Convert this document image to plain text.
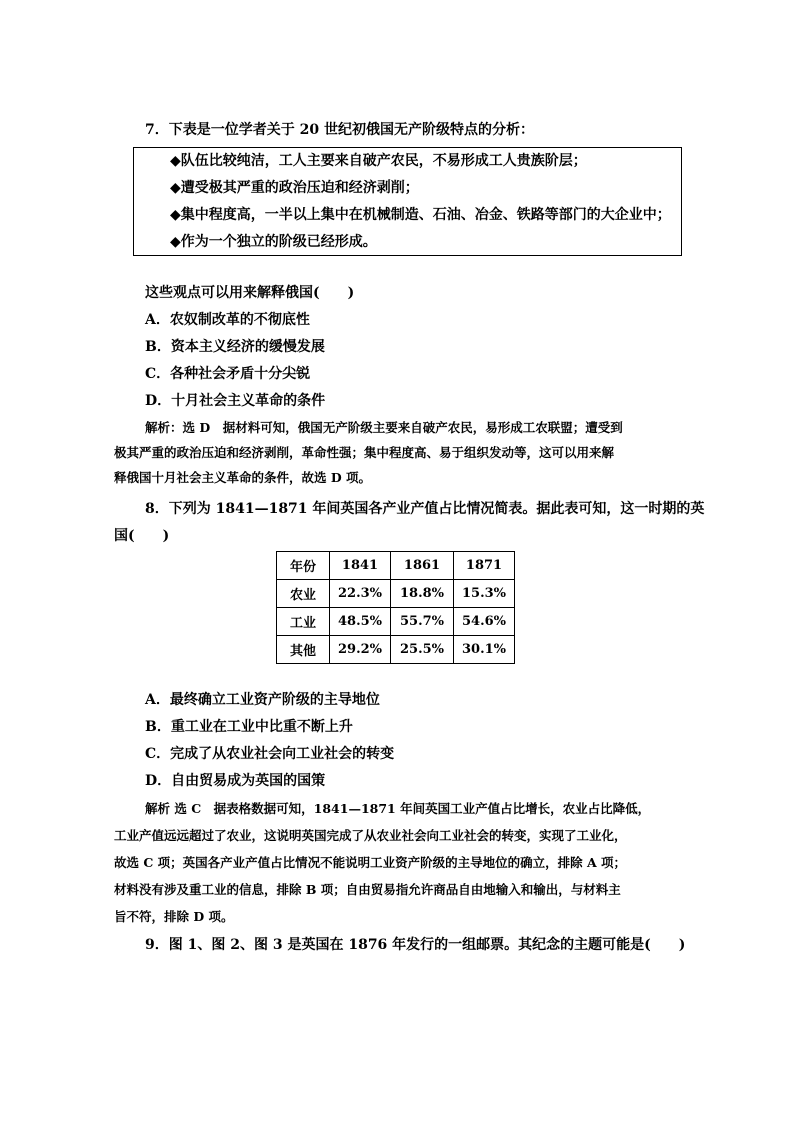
7．下表是一位学者关于 20 世纪初俄国无产阶级特点的分析：
◆队伍比较纯洁，工人主要来自破产农民，不易形成工人贵族阶层；
◆遭受极其严重的政治压迫和经济剥削；
◆集中程度高，一半以上集中在机械制造、石油、冶金、铁路等部门的大企业中；
◆作为一个独立的阶级已经形成。
这些观点可以用来解释俄国(　　)
A．农奴制改革的不彻底性
B．资本主义经济的缓慢发展
C．各种社会矛盾十分尖锐
D．十月社会主义革命的条件
解析：选 D　据材料可知，俄国无产阶级主要来自破产农民，易形成工农联盟；遭受到
极其严重的政治压迫和经济剥削，革命性强；集中程度高、易于组织发动等，这可以用来解
释俄国十月社会主义革命的条件，故选 D 项。
8．下列为 1841—1871 年间英国各产业产值占比情况简表。据此表可知，这一时期的英
国(　　)
年份	1841	1861	1871
农业	22.3%	18.8%	15.3%
工业	48.5%	55.7%	54.6%
其他	29.2%	25.5%	30.1%
A．最终确立工业资产阶级的主导地位
B．重工业在工业中比重不断上升
C．完成了从农业社会向工业社会的转变
D．自由贸易成为英国的国策
解析 选 C　据表格数据可知，1841—1871 年间英国工业产值占比增长，农业占比降低，
工业产值远远超过了农业，这说明英国完成了从农业社会向工业社会的转变，实现了工业化，
故选 C 项；英国各产业产值占比情况不能说明工业资产阶级的主导地位的确立，排除 A 项；
材料没有涉及重工业的信息，排除 B 项；自由贸易指允许商品自由地输入和输出，与材料主
旨不符，排除 D 项。
9．图 1、图 2、图 3 是英国在 1876 年发行的一组邮票。其纪念的主题可能是(　　)
